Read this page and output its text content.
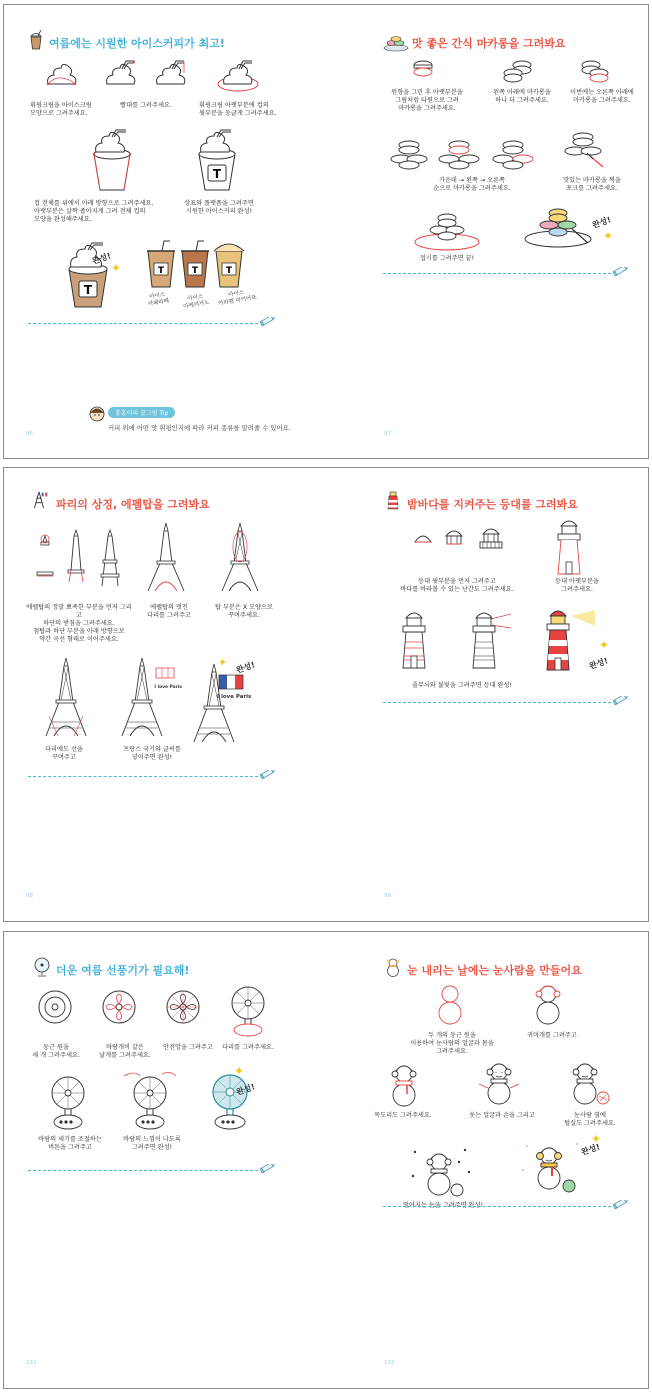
여름에는 시원한 아이스커피가 최고!
휘핑크림을 아이스크림
모양으로 그려주세요.
빨대를 그려주세요.	휘핑크림 아랫부분에 컵의
윗부분을 둥글게 그려주세요.
T
컵 전체를 위에서 아래 방향으로 그려주세요.
아랫부분은 살짝 좁아지게 그려 전체 컵의
모양을 완성해주세요.
상표와 플랫폼을 그려주면
시원한 아이스커피 완성!
T
완성!
✦	T	T	T
아이스
카페라떼
아이스
아메리카노
아이스
카라멜 마키아또
홍홍이의 꿀그림 Tip
커피 위에 어떤 맛 휘핑인지에 따라 커피 종류를 알려줄 수 있어요.
96
맛 좋은 간식 마카롱을 그려봐요
원형을 그린 후 아랫부분을
그림처럼 타원으로 그려
마카롱을 그려주세요.
왼쪽 아래에 마카롱을
하나 더 그려주세요.
이번에는 오른쪽 아래에
마카롱을 그려주세요.
가운데 → 왼쪽 → 오른쪽
순으로 마카롱을 그려주세요.
맛있는 마카롱을 찍을
포크를 그려주세요.
접시를 그려주면 끝!
완성!
✦
97
파리의 상징, 에펠탑을 그려봐요
에펠탑의 정말 뾰족한 부분을 먼저 그리고
하단의 받침을 그려주세요.
첨탑과 하단 부분을 아래 방향으로
약간 곡선 형태로 이어주세요.
에펠탑의 멋진
다리를 그려주고
탑 부분은 X 모양으로
꾸며주세요.
I love Paris
I love Paris
완성!
✦
다리에도 선을
꾸며주고
프랑스 국기와 글씨를
넣어주면 완성!
98
밤바다를 지켜주는 등대를 그려봐요
등대 윗부분을 먼저 그려주고
바다를 바라볼 수 있는 난간도 그려주세요.
등대 아랫부분을
그려주세요.
완성!
✦
줄무늬와 불빛을 그려주면 등대 완성!
99
더운 여름 선풍기가 필요해!
둥근 원을
세 개 그려주세요.
바람개비 같은
날개를 그려주세요.
안전망을 그려주고	다리를 그려주세요.
완성!
✦
바람의 세기를 조절하는
버튼을 그려주고
바람의 느낌이 나도록
그려주면 완성!
132
눈 내리는 날에는 눈사람을 만들어요
두 개의 둥근 원을
이용하여 눈사람의 얼굴과 몸을
그려주세요.
귀마개를 그려주고
목도리도 그려주세요.	웃는 얼굴과 손을 그리고	눈사람 옆에
털실도 그려주세요.
완성!
✦
떨어지는 눈을 그려주면 완성!
133
